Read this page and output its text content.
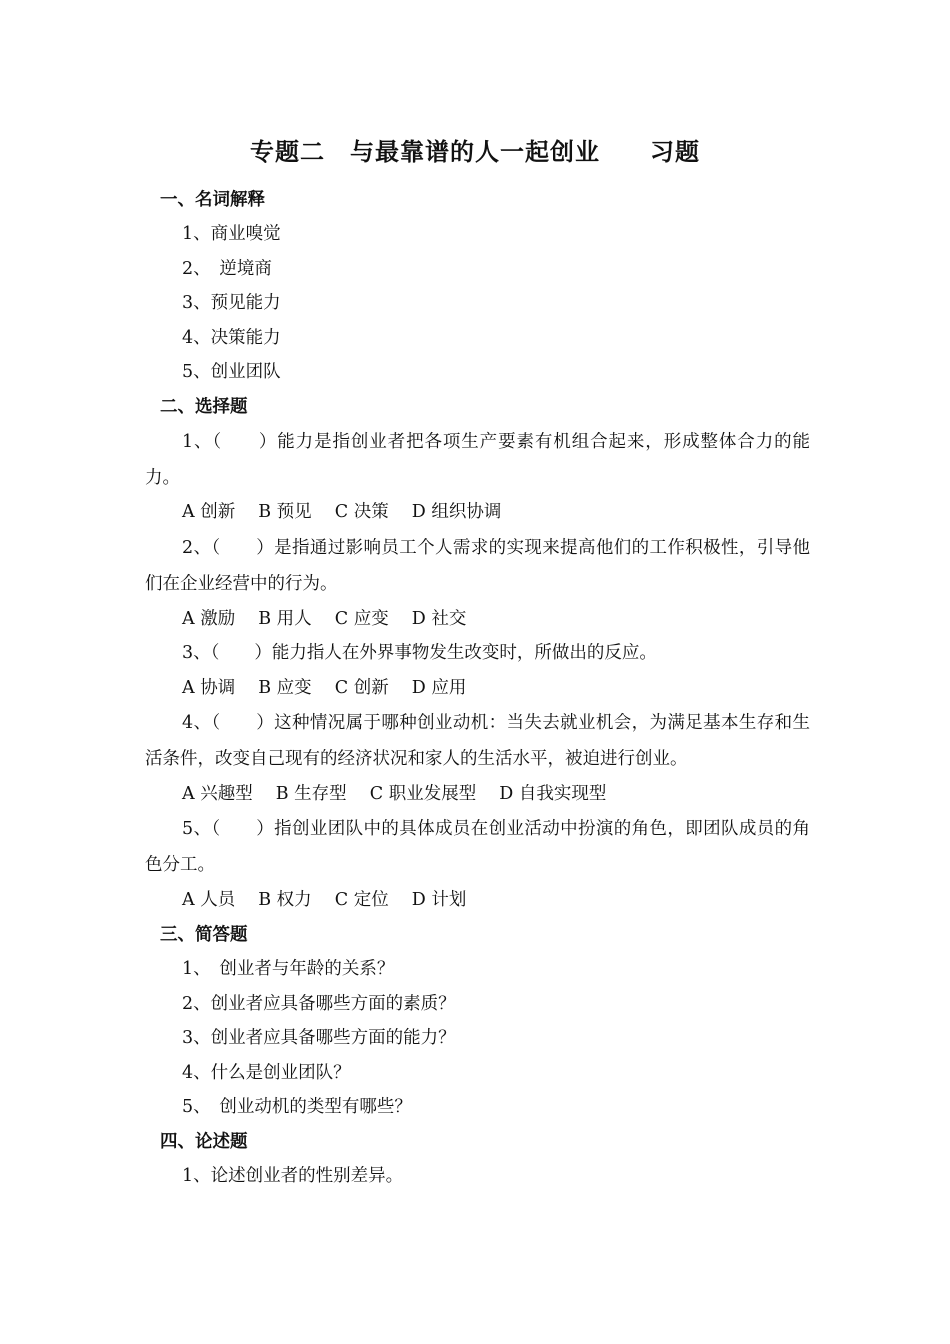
专题二　与最靠谱的人一起创业　　习题
一、名词解释
1、商业嗅觉
2、　逆境商
3、预见能力
4、决策能力
5、创业团队
二、选择题
1、（　　）能力是指创业者把各项生产要素有机组合起来，形成整体合力的能力。
A 创新　 B 预见　 C 决策　 D 组织协调
2、（　　）是指通过影响员工个人需求的实现来提高他们的工作积极性，引导他们在企业经营中的行为。
A 激励　 B 用人　 C 应变　 D 社交
3、（　　）能力指人在外界事物发生改变时，所做出的反应。
A 协调　 B 应变　 C 创新　 D 应用
4、（　　）这种情况属于哪种创业动机：当失去就业机会，为满足基本生存和生活条件，改变自己现有的经济状况和家人的生活水平，被迫进行创业。
A 兴趣型　 B 生存型　 C 职业发展型　 D 自我实现型
5、（　　）指创业团队中的具体成员在创业活动中扮演的角色，即团队成员的角色分工。
A 人员　 B 权力　 C 定位　 D 计划
三、简答题
1、　创业者与年龄的关系？
2、创业者应具备哪些方面的素质？
3、创业者应具备哪些方面的能力？
4、什么是创业团队？
5、　创业动机的类型有哪些？
四、论述题
1、论述创业者的性别差异。
